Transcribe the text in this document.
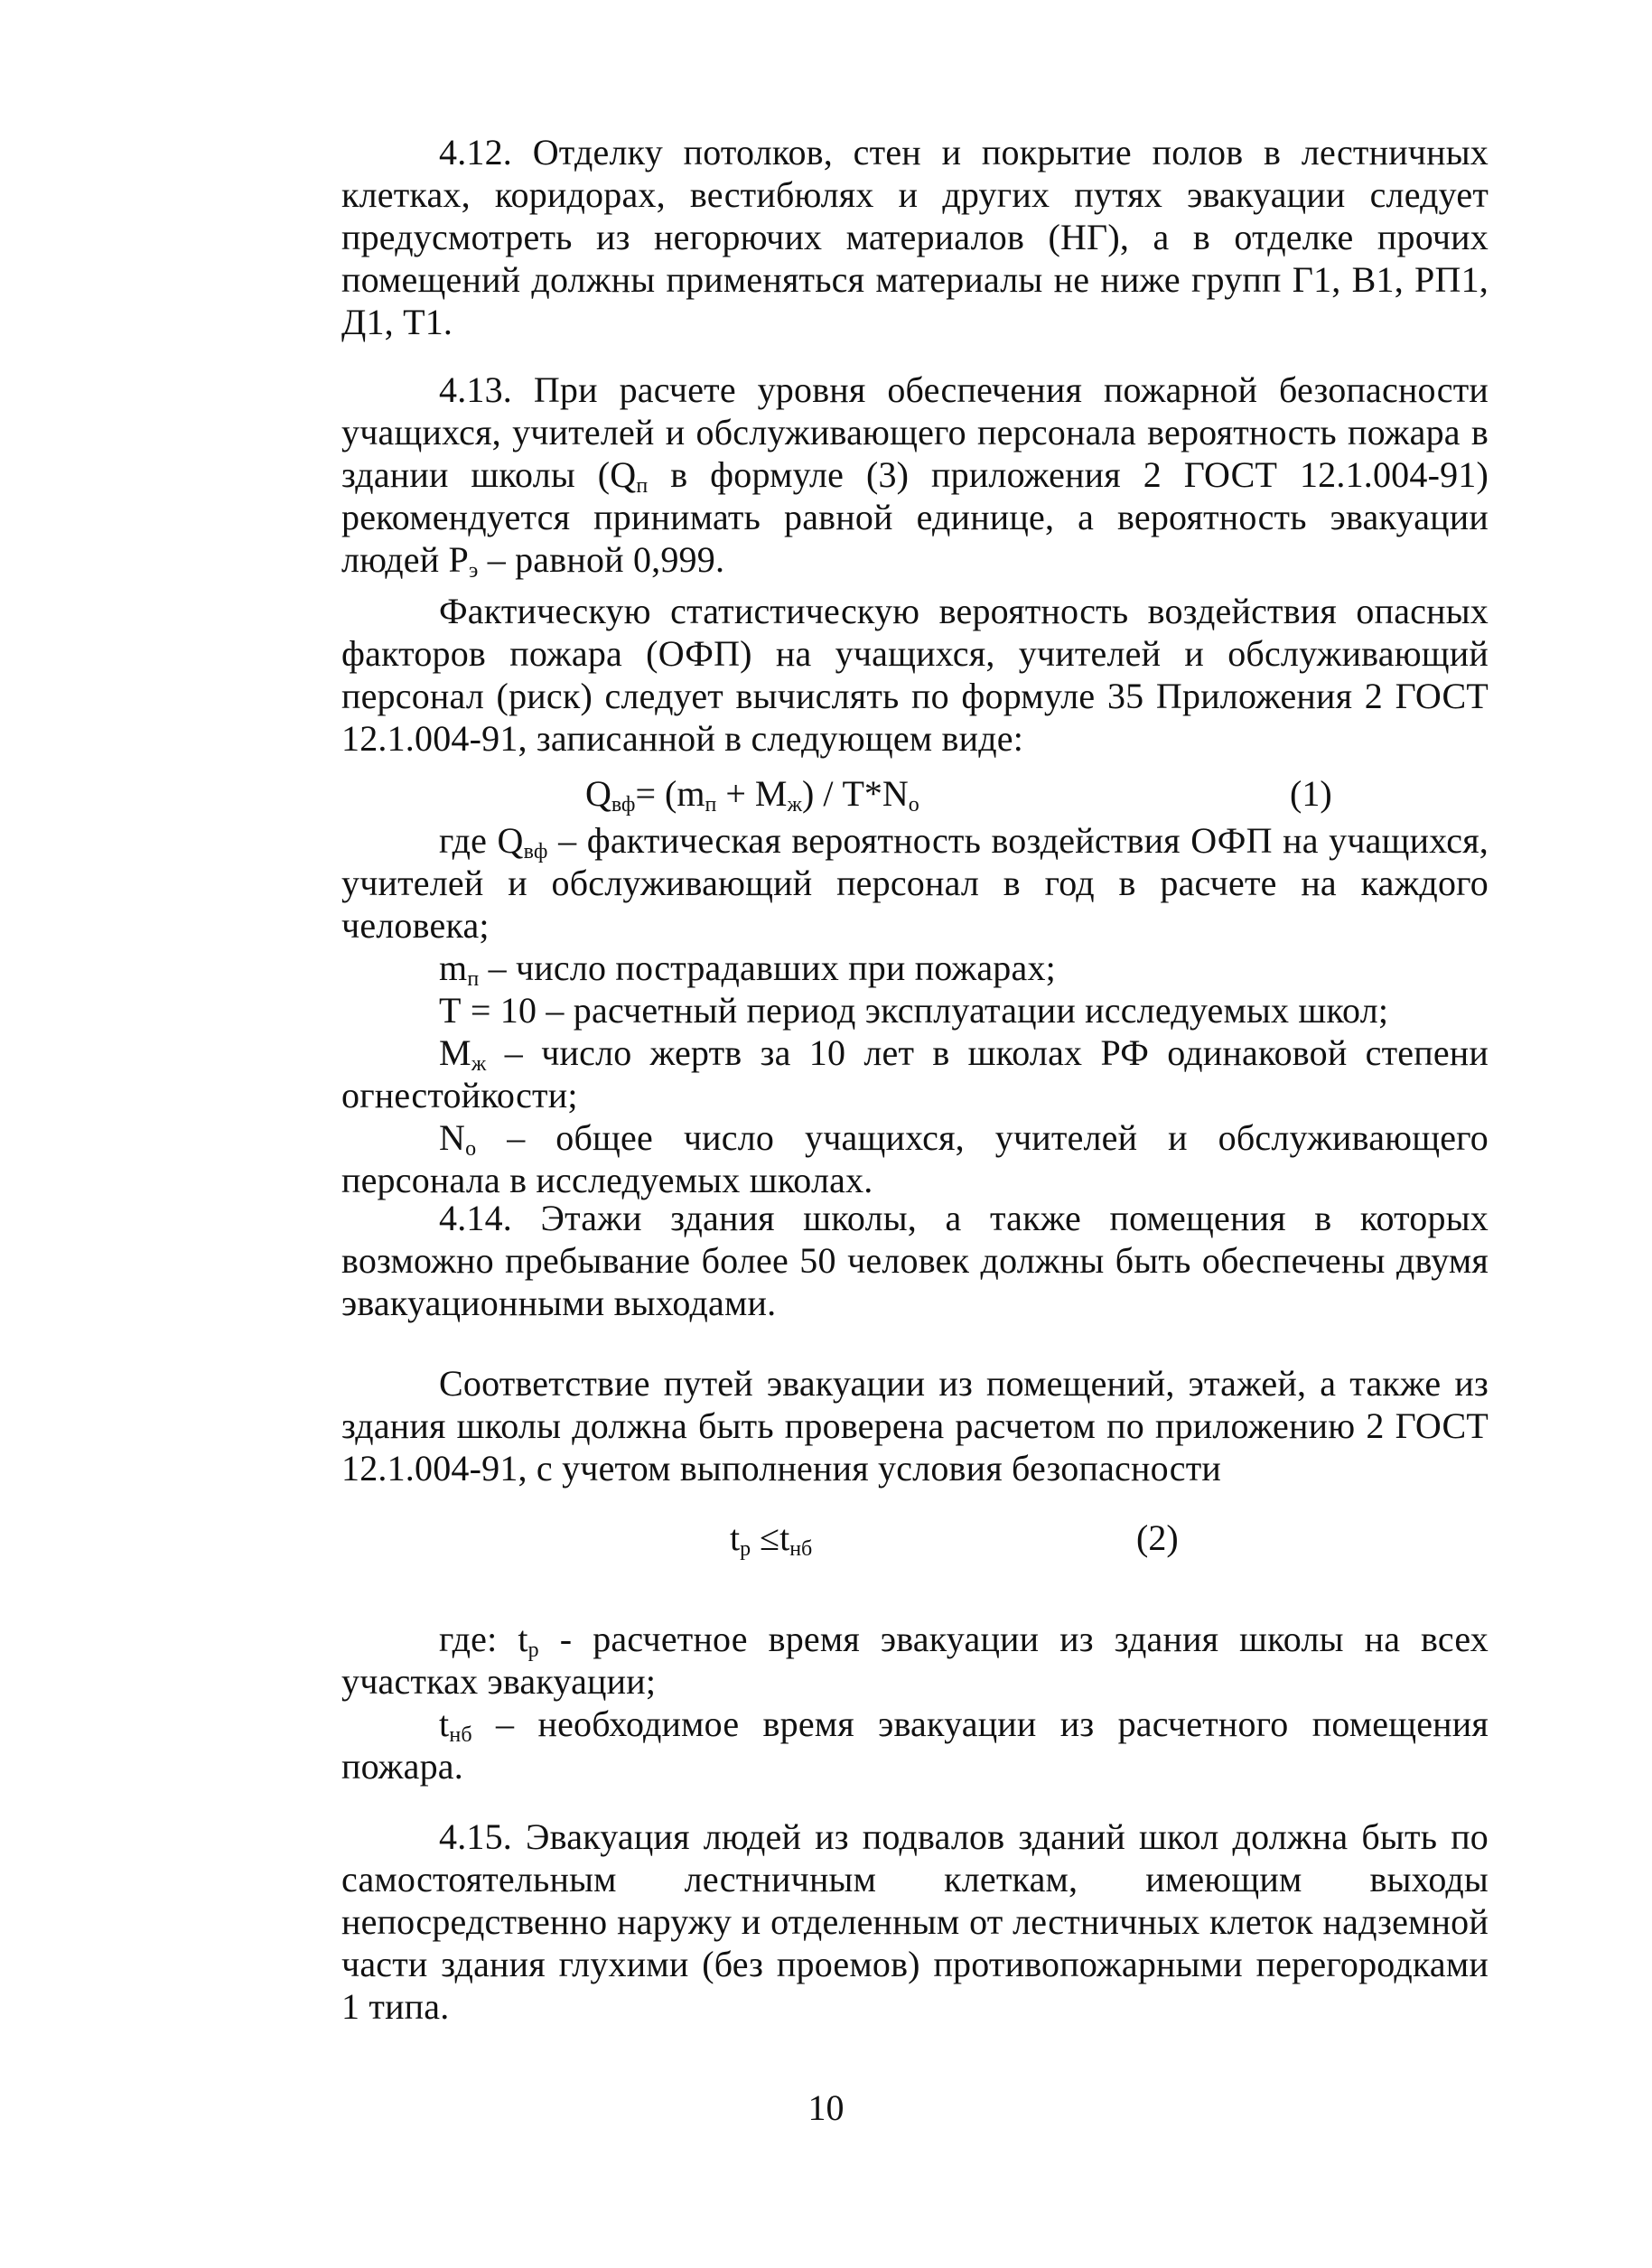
4.12. Отделку потолков, стен и покрытие полов в лестничных клетках, коридорах, вестибюлях и других путях эвакуации следует предусмотреть из негорючих материалов (НГ), а в отделке прочих помещений должны применяться материалы не ниже групп Г1, В1, РП1, Д1, Т1.

4.13. При расчете уровня обеспечения пожарной безопасности учащихся, учителей и обслуживающего персонала вероятность пожара в здании школы ($Q_п$ в формуле (3) приложения 2 ГОСТ 12.1.004-91) рекомендуется принимать равной единице, а вероятность эвакуации людей $Р_э$ – равной 0,999.

Фактическую статистическую вероятность воздействия опасных факторов пожара (ОФП) на учащихся, учителей и обслуживающий персонал (риск) следует вычислять по формуле 35 Приложения 2 ГОСТ 12.1.004-91, записанной в следующем виде:

$Q_{вф}= (m_п + M_ж) / T*N_о$	(1)

где $Q_{вф}$ – фактическая вероятность воздействия ОФП на учащихся, учителей и обслуживающий персонал в год в расчете на каждого человека;

$m_п$ – число пострадавших при пожарах;

Т = 10 – расчетный период эксплуатации исследуемых школ;

$М_ж$ – число жертв за 10 лет в школах РФ одинаковой степени огнестойкости;

$N_о$ – общее число учащихся, учителей и обслуживающего персонала в исследуемых школах.

4.14. Этажи здания школы, а также помещения в которых возможно пребывание более 50 человек должны быть обеспечены двумя эвакуационными выходами.

Соответствие путей эвакуации из помещений, этажей, а также из здания школы должна быть проверена расчетом по приложению 2 ГОСТ 12.1.004-91, с учетом выполнения условия безопасности

$t_р \le t_{нб}$	(2)

где: $t_р$ - расчетное время эвакуации из здания школы на всех участках эвакуации;

$t_{нб}$ – необходимое время эвакуации из расчетного помещения пожара.

4.15. Эвакуация людей из подвалов зданий школ должна быть по самостоятельным лестничным клеткам, имеющим выходы непосредственно наружу и отделенным от лестничных клеток надземной части здания глухими (без проемов) противопожарными перегородками 1 типа.

10
